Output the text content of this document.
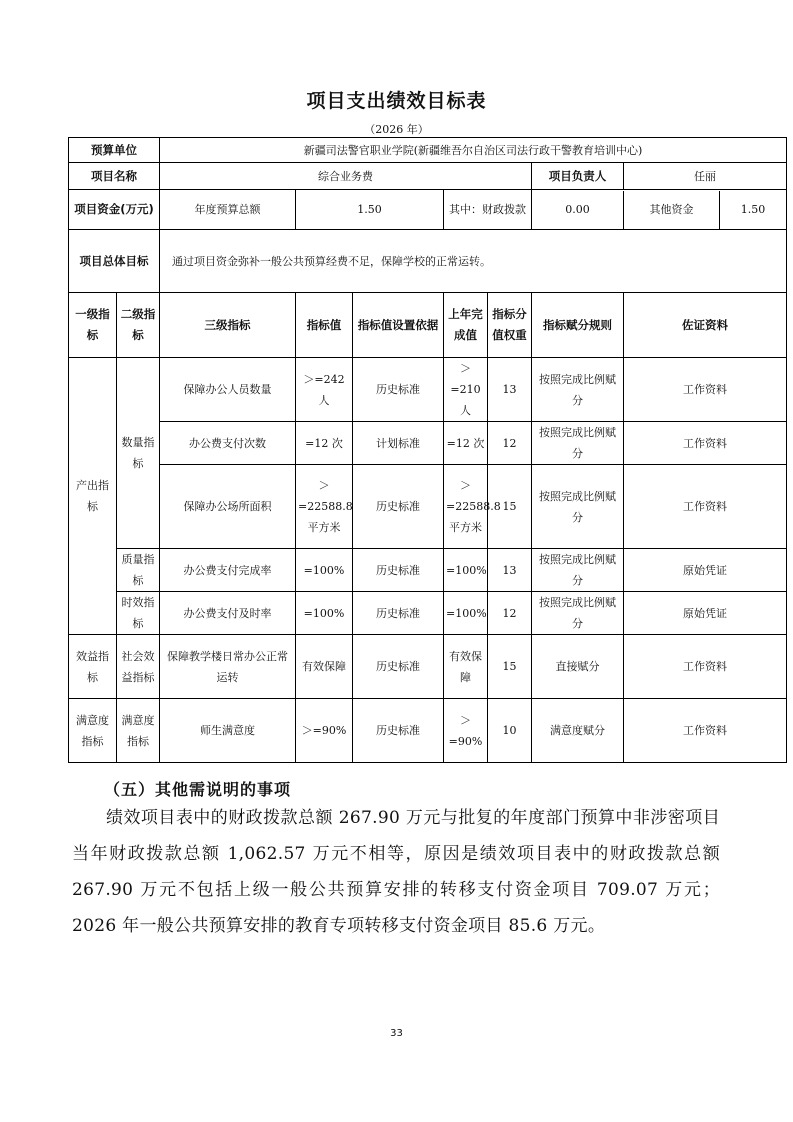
项目支出绩效目标表
（2026 年）
预算单位		新疆司法警官职业学院(新疆维吾尔自治区司法行政干警教育培训中心)						
项目名称		综合业务费					项目负责人	任丽
项目资金(万元)		年度预算总额	1.50		其中：财政拨款		0.00 其他资金 1.50	

项目总体目标		通过项目资金弥补一般公共预算经费不足，保障学校的正常运转。						
一级指标	二级指标	三级指标	指标值	指标值设置依据	上年完成值	指标分值权重	指标赋分规则	佐证资料
产出指标	数量指标	保障办公人员数量	＞=242人	历史标准	＞=210人	13	按照完成比例赋分	工作资料
		办公费支付次数	=12 次	计划标准	=12 次	12	按照完成比例赋分	工作资料
		保障办公场所面积	＞=22588.8平方米	历史标准	＞=22588.8平方米	15	按照完成比例赋分	工作资料
	质量指标	办公费支付完成率	=100%	历史标准	=100%	13	按照完成比例赋分	原始凭证
	时效指标	办公费支付及时率	=100%	历史标准	=100%	12	按照完成比例赋分	原始凭证
效益指标	社会效益指标	保障教学楼日常办公正常运转	有效保障	历史标准	有效保障	15	直接赋分	工作资料
满意度指标	满意度指标	师生满意度	＞=90%	历史标准	＞=90%	10	满意度赋分	工作资料
（五）其他需说明的事项
绩效项目表中的财政拨款总额 267.90 万元与批复的年度部门预算中非涉密项目当年财政拨款总额 1,062.57 万元不相等，原因是绩效项目表中的财政拨款总额 267.90 万元不包括上级一般公共预算安排的转移支付资金项目 709.07 万元；2026 年一般公共预算安排的教育专项转移支付资金项目 85.6 万元。
33
